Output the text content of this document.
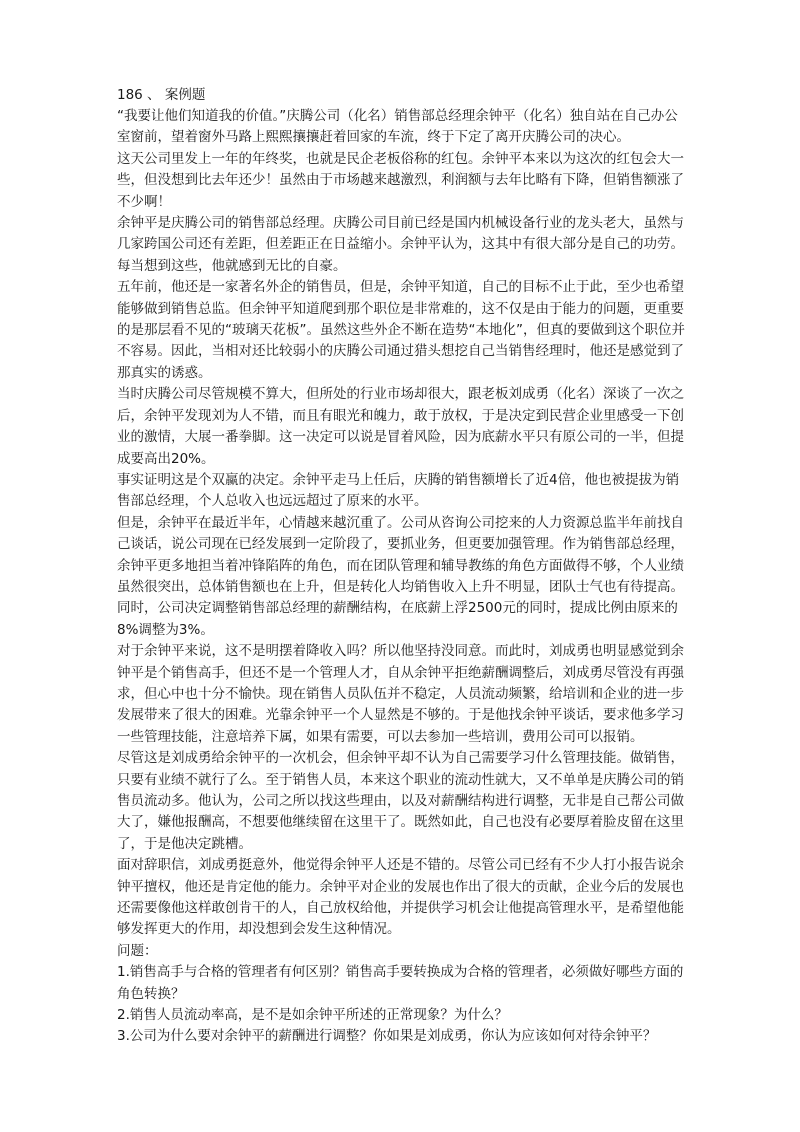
186 、 案例题

“我要让他们知道我的价值。”庆腾公司（化名）销售部总经理余钟平（化名）独自站在自己办公室窗前，望着窗外马路上熙熙攘攘赶着回家的车流，终于下定了离开庆腾公司的决心。

这天公司里发上一年的年终奖，也就是民企老板俗称的红包。余钟平本来以为这次的红包会大一些，但没想到比去年还少！虽然由于市场越来越激烈，利润额与去年比略有下降，但销售额涨了不少啊！

余钟平是庆腾公司的销售部总经理。庆腾公司目前已经是国内机械设备行业的龙头老大，虽然与几家跨国公司还有差距，但差距正在日益缩小。余钟平认为，这其中有很大部分是自己的功劳。每当想到这些，他就感到无比的自豪。

五年前，他还是一家著名外企的销售员，但是，余钟平知道，自己的目标不止于此，至少也希望能够做到销售总监。但余钟平知道爬到那个职位是非常难的，这不仅是由于能力的问题，更重要的是那层看不见的“玻璃天花板”。虽然这些外企不断在造势“本地化”，但真的要做到这个职位并不容易。因此，当相对还比较弱小的庆腾公司通过猎头想挖自己当销售经理时，他还是感觉到了那真实的诱惑。

当时庆腾公司尽管规模不算大，但所处的行业市场却很大，跟老板刘成勇（化名）深谈了一次之后，余钟平发现刘为人不错，而且有眼光和魄力，敢于放权，于是决定到民营企业里感受一下创业的激情，大展一番拳脚。这一决定可以说是冒着风险，因为底薪水平只有原公司的一半，但提成要高出20%。

事实证明这是个双赢的决定。余钟平走马上任后，庆腾的销售额增长了近4倍，他也被提拔为销售部总经理，个人总收入也远远超过了原来的水平。

但是，余钟平在最近半年，心情越来越沉重了。公司从咨询公司挖来的人力资源总监半年前找自己谈话，说公司现在已经发展到一定阶段了，要抓业务，但更要加强管理。作为销售部总经理，余钟平更多地担当着冲锋陷阵的角色，而在团队管理和辅导教练的角色方面做得不够，个人业绩虽然很突出，总体销售额也在上升，但是转化人均销售收入上升不明显，团队士气也有待提高。

同时，公司决定调整销售部总经理的薪酬结构，在底薪上浮2500元的同时，提成比例由原来的8%调整为3%。

对于余钟平来说，这不是明摆着降收入吗？所以他坚持没同意。而此时，刘成勇也明显感觉到余钟平是个销售高手，但还不是一个管理人才，自从余钟平拒绝薪酬调整后，刘成勇尽管没有再强求，但心中也十分不愉快。现在销售人员队伍并不稳定，人员流动频繁，给培训和企业的进一步发展带来了很大的困难。光靠余钟平一个人显然是不够的。于是他找余钟平谈话，要求他多学习一些管理技能，注意培养下属，如果有需要，可以去参加一些培训，费用公司可以报销。

尽管这是刘成勇给余钟平的一次机会，但余钟平却不认为自己需要学习什么管理技能。做销售，只要有业绩不就行了么。至于销售人员，本来这个职业的流动性就大，又不单单是庆腾公司的销售员流动多。他认为，公司之所以找这些理由，以及对薪酬结构进行调整，无非是自己帮公司做大了，嫌他报酬高，不想要他继续留在这里干了。既然如此，自己也没有必要厚着脸皮留在这里了，于是他决定跳槽。

面对辞职信，刘成勇挺意外，他觉得余钟平人还是不错的。尽管公司已经有不少人打小报告说余钟平擅权，他还是肯定他的能力。余钟平对企业的发展也作出了很大的贡献，企业今后的发展也还需要像他这样敢创肯干的人，自己放权给他，并提供学习机会让他提高管理水平，是希望他能够发挥更大的作用，却没想到会发生这种情况。

问题：

1.销售高手与合格的管理者有何区别？销售高手要转换成为合格的管理者，必须做好哪些方面的角色转换？

2.销售人员流动率高，是不是如余钟平所述的正常现象？为什么？

3.公司为什么要对余钟平的薪酬进行调整？你如果是刘成勇，你认为应该如何对待余钟平？
